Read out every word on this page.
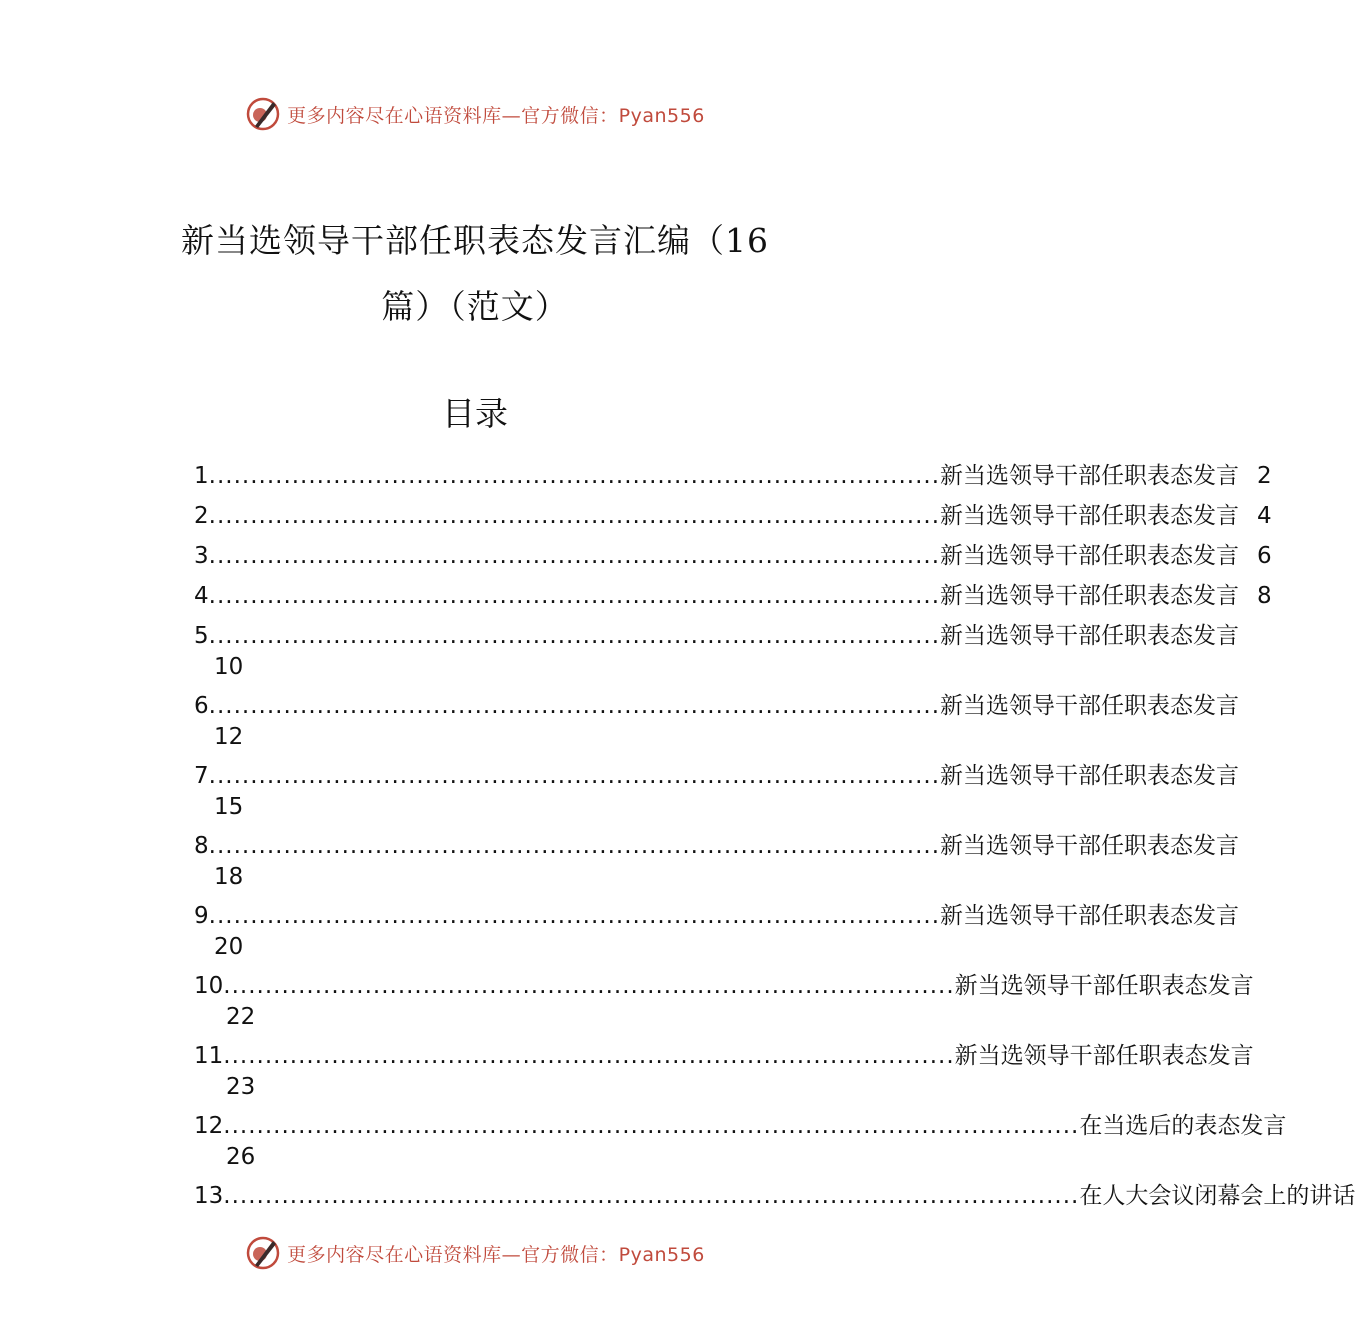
更多内容尽在心语资料库—官方微信：Pyan556
新当选领导干部任职表态发言汇编（16
篇）（范文）
目录
1 ........................................................................................ 新当选领导干部任职表态发言 2
2 ........................................................................................ 新当选领导干部任职表态发言 4
3 ........................................................................................ 新当选领导干部任职表态发言 6
4 ........................................................................................ 新当选领导干部任职表态发言 8
5 ........................................................................................ 新当选领导干部任职表态发言
10
6 ........................................................................................ 新当选领导干部任职表态发言
12
7 ........................................................................................ 新当选领导干部任职表态发言
15
8 ........................................................................................ 新当选领导干部任职表态发言
18
9 ........................................................................................ 新当选领导干部任职表态发言
20
10 ........................................................................................ 新当选领导干部任职表态发言
22
11 ........................................................................................ 新当选领导干部任职表态发言
23
12 ....................................................................................................... 在当选后的表态发言
26
13 ....................................................................................................... 在人大会议闭幕会上的讲话
更多内容尽在心语资料库—官方微信：Pyan556
